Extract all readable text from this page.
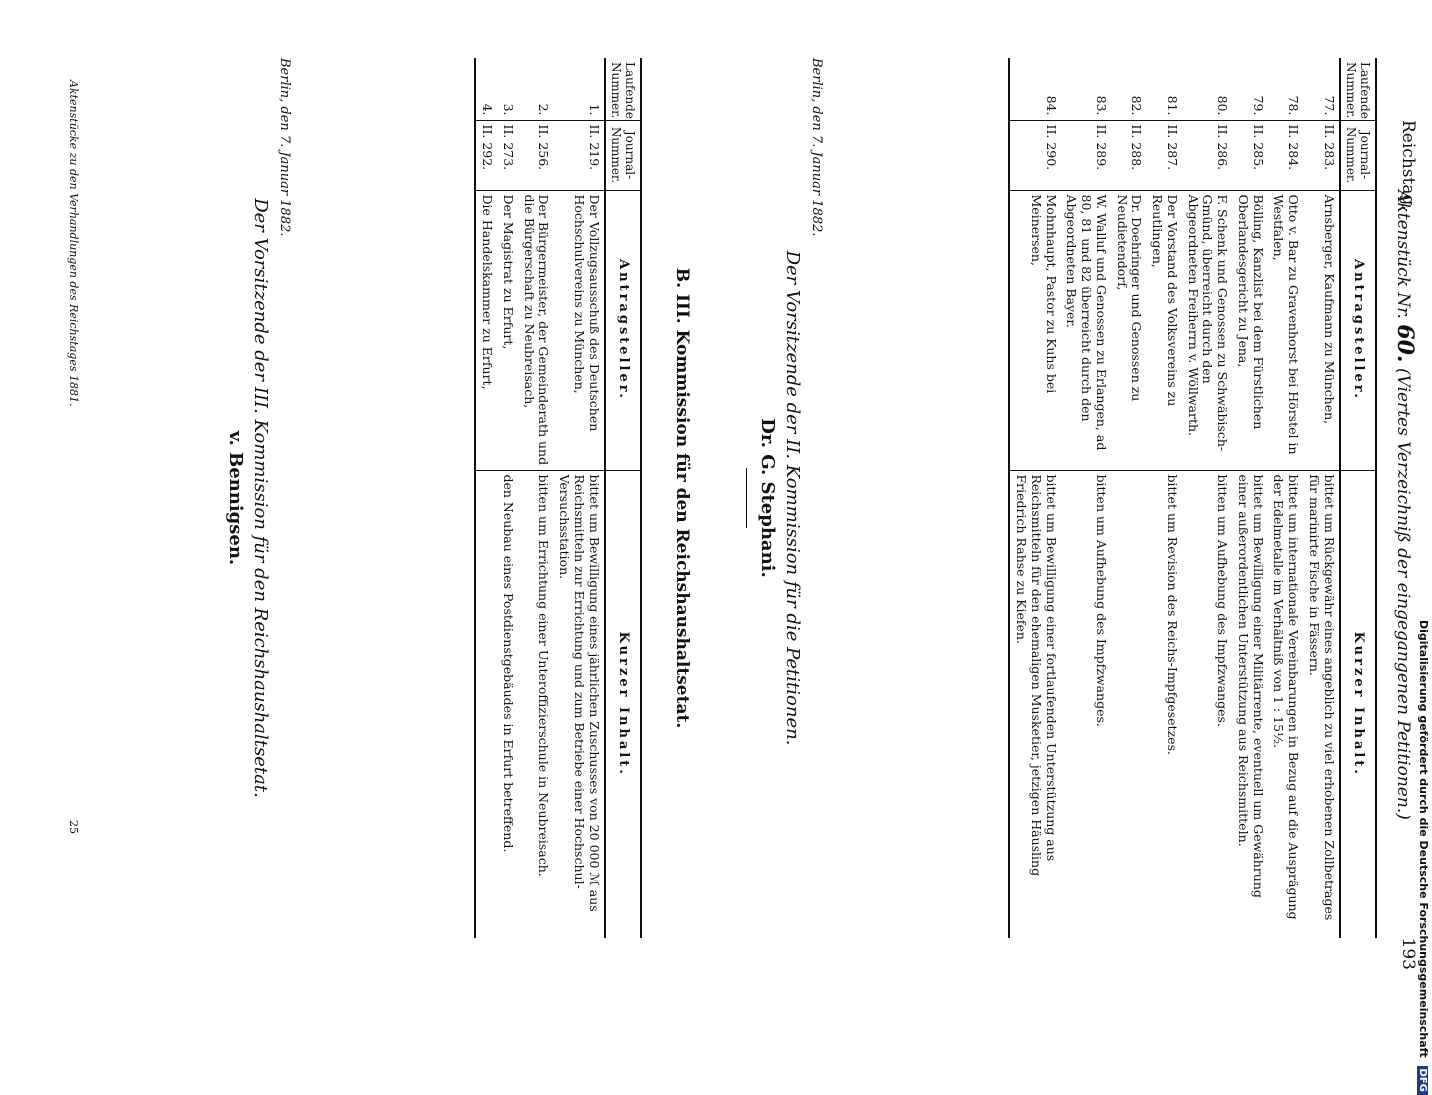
Reichstag.
Aktenstück Nr. 60. (Viertes Verzeichniß der eingegangenen Petitionen.)
193
Laufende Nummer.	Journal-Nummer.	Antragsteller.	Kurzer Inhalt.
77.	II. 283.	Arnsberger, Kaufmann zu München,	bittet um Rückgewähr eines angeblich zu viel erhobenen Zollbetrages für marinirte Fische in Fässern.
78.	II. 284.	Otto v. Bar zu Gravenhorst bei Hörstel in Westfalen,	bittet um internationale Vereinbarungen in Bezug auf die Ausprägung der Edelmetalle im Verhältniß von 1 : 15½.
79.	II. 285.	Bölling, Kanzlist bei dem Fürstlichen Oberlandesgericht zu Jena,	bittet um Bewilligung einer Militärrente, eventuell um Gewährung einer außerordentlichen Unterstützung aus Reichsmitteln.
80.	II. 286.	F. Schenk und Genossen zu Schwäbisch-Gmünd, überreicht durch den Abgeordneten Freiherrn v. Wöllwarth.	bitten um Aufhebung des Impfzwanges.
81.	II. 287.	Der Vorstand des Volksvereins zu Reutlingen,	bittet um Revision des Reichs-Impfgesetzes.
82.	II. 288.	Dr. Doehringer und Genossen zu Neudietendorf,	
83.	II. 289.	W. Walluf und Genossen zu Erlangen, ad 80, 81 und 82 überreicht durch den Abgeordneten Bayer.	bitten um Aufhebung des Impfzwanges.
84.	II. 290.	Mohnhaupt, Pastor zu Kuhs bei Meinersen,	bittet um Bewilligung einer fortlaufenden Unterstützung aus Reichsmitteln für den ehemaligen Musketier, jetzigen Häusling Friedrich Rahse zu Kiefen.
Berlin, den 7. Januar 1882.
Der Vorsitzende der II. Kommission für die Petitionen.
Dr. G. Stephani.
B. III. Kommission für den Reichshaushaltsetat.
Laufende Nummer.	Journal-Nummer.	Antragsteller.	Kurzer Inhalt.
1.	II. 219.	Der Vollzugsausschuß des Deutschen Hochschulvereins zu München,	bittet um Bewilligung eines jährlichen Zuschusses von 20 000 ℳ aus Reichsmitteln zur Errichtung und zum Betriebe einer Hochschul-Versuchsstation.
2.	II. 256.	Der Bürgermeister, der Gemeinderath und die Bürgerschaft zu Neubreisach,	bitten um Errichtung einer Unteroffizierschule in Neubreisach.
3.	II. 273.	Der Magistrat zu Erfurt,	den Neubau eines Postdienstgebäudes in Erfurt betreffend.
4.	II. 292.	Die Handelskammer zu Erfurt,	
Berlin, den 7. Januar 1882.
Der Vorsitzende der III. Kommission für den Reichshaushaltsetat.
v. Bennigsen.
Aktenstücke zu den Verhandlungen des Reichstages 1881.
25	Digitalisierung gefördert durch die Deutsche Forschungsgemeinschaft DFG
